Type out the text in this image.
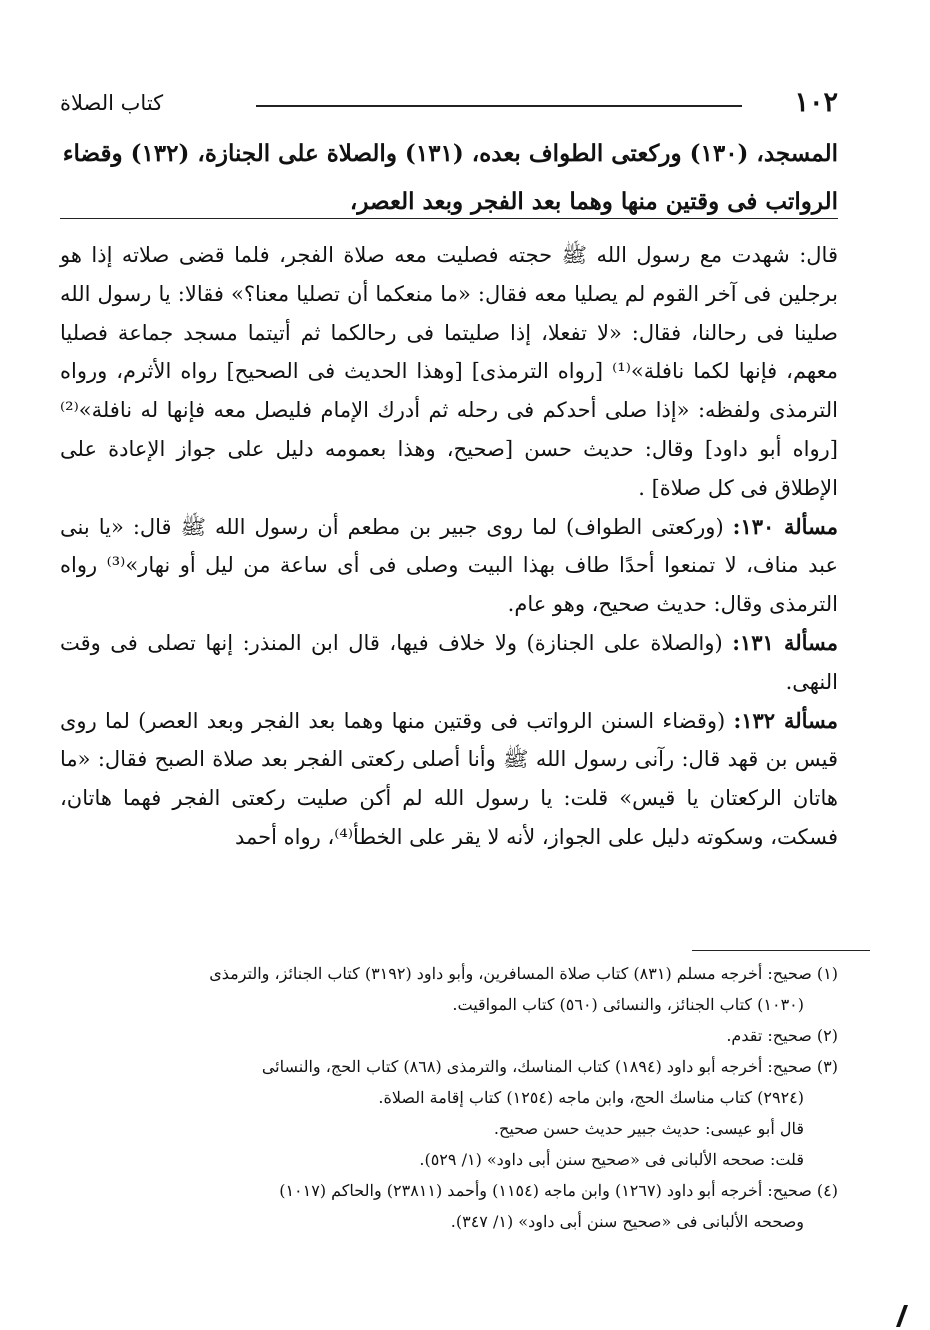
١٠٢
كتاب الصلاة
المسجد، (١٣٠) وركعتى الطواف بعده، (١٣١) والصلاة على الجنازة، (١٣٢) وقضاء
الرواتب فى وقتين منها وهما بعد الفجر وبعد العصر،

قال: شهدت مع رسول الله ﷺ حجته فصليت معه صلاة الفجر، فلما قضى صلاته إذا هو برجلين فى آخر القوم لم يصليا معه فقال: «ما منعكما أن تصليا معنا؟» فقالا: يا رسول الله صلينا فى رحالنا، فقال: «لا تفعلا، إذا صليتما فى رحالكما ثم أتيتما مسجد جماعة فصليا معهم، فإنها لكما نافلة»⁽¹⁾ [رواه الترمذى] [وهذا الحديث فى الصحيح] رواه الأثرم، ورواه الترمذى ولفظه: «إذا صلى أحدكم فى رحله ثم أدرك الإمام فليصل معه فإنها له نافلة»⁽²⁾ [رواه أبو داود] وقال: حديث حسن [صحيح، وهذا بعمومه دليل على جواز الإعادة على الإطلاق فى كل صلاة] .

مسألة ١٣٠: (وركعتى الطواف) لما روى جبير بن مطعم أن رسول الله ﷺ قال: «يا بنى عبد مناف، لا تمنعوا أحدًا طاف بهذا البيت وصلى فى أى ساعة من ليل أو نهار»⁽³⁾ رواه الترمذى وقال: حديث صحيح، وهو عام.

مسألة ١٣١: (والصلاة على الجنازة) ولا خلاف فيها، قال ابن المنذر: إنها تصلى فى وقت النهى.

مسألة ١٣٢: (وقضاء السنن الرواتب فى وقتين منها وهما بعد الفجر وبعد العصر) لما روى قيس بن قهد قال: رآنى رسول الله ﷺ وأنا أصلى ركعتى الفجر بعد صلاة الصبح فقال: «ما هاتان الركعتان يا قيس» قلت: يا رسول الله لم أكن صليت ركعتى الفجر فهما هاتان، فسكت، وسكوته دليل على الجواز، لأنه لا يقر على الخطأ⁽⁴⁾، رواه أحمد

(١) صحيح: أخرجه مسلم (٨٣١) كتاب صلاة المسافرين، وأبو داود (٣١٩٢) كتاب الجنائز، والترمذى

(١٠٣٠) كتاب الجنائز، والنسائى (٥٦٠) كتاب المواقيت.

(٢) صحيح: تقدم.

(٣) صحيح: أخرجه أبو داود (١٨٩٤) كتاب المناسك، والترمذى (٨٦٨) كتاب الحج، والنسائى

(٢٩٢٤) كتاب مناسك الحج، وابن ماجه (١٢٥٤) كتاب إقامة الصلاة.

قال أبو عيسى: حديث جبير حديث حسن صحيح.

قلت: صححه الألبانى فى «صحيح سنن أبى داود» (١/ ٥٢٩).

(٤) صحيح: أخرجه أبو داود (١٢٦٧) وابن ماجه (١١٥٤) وأحمد (٢٣٨١١) والحاكم (١٠١٧)

وصححه الألبانى فى «صحيح سنن أبى داود» (١/ ٣٤٧).
